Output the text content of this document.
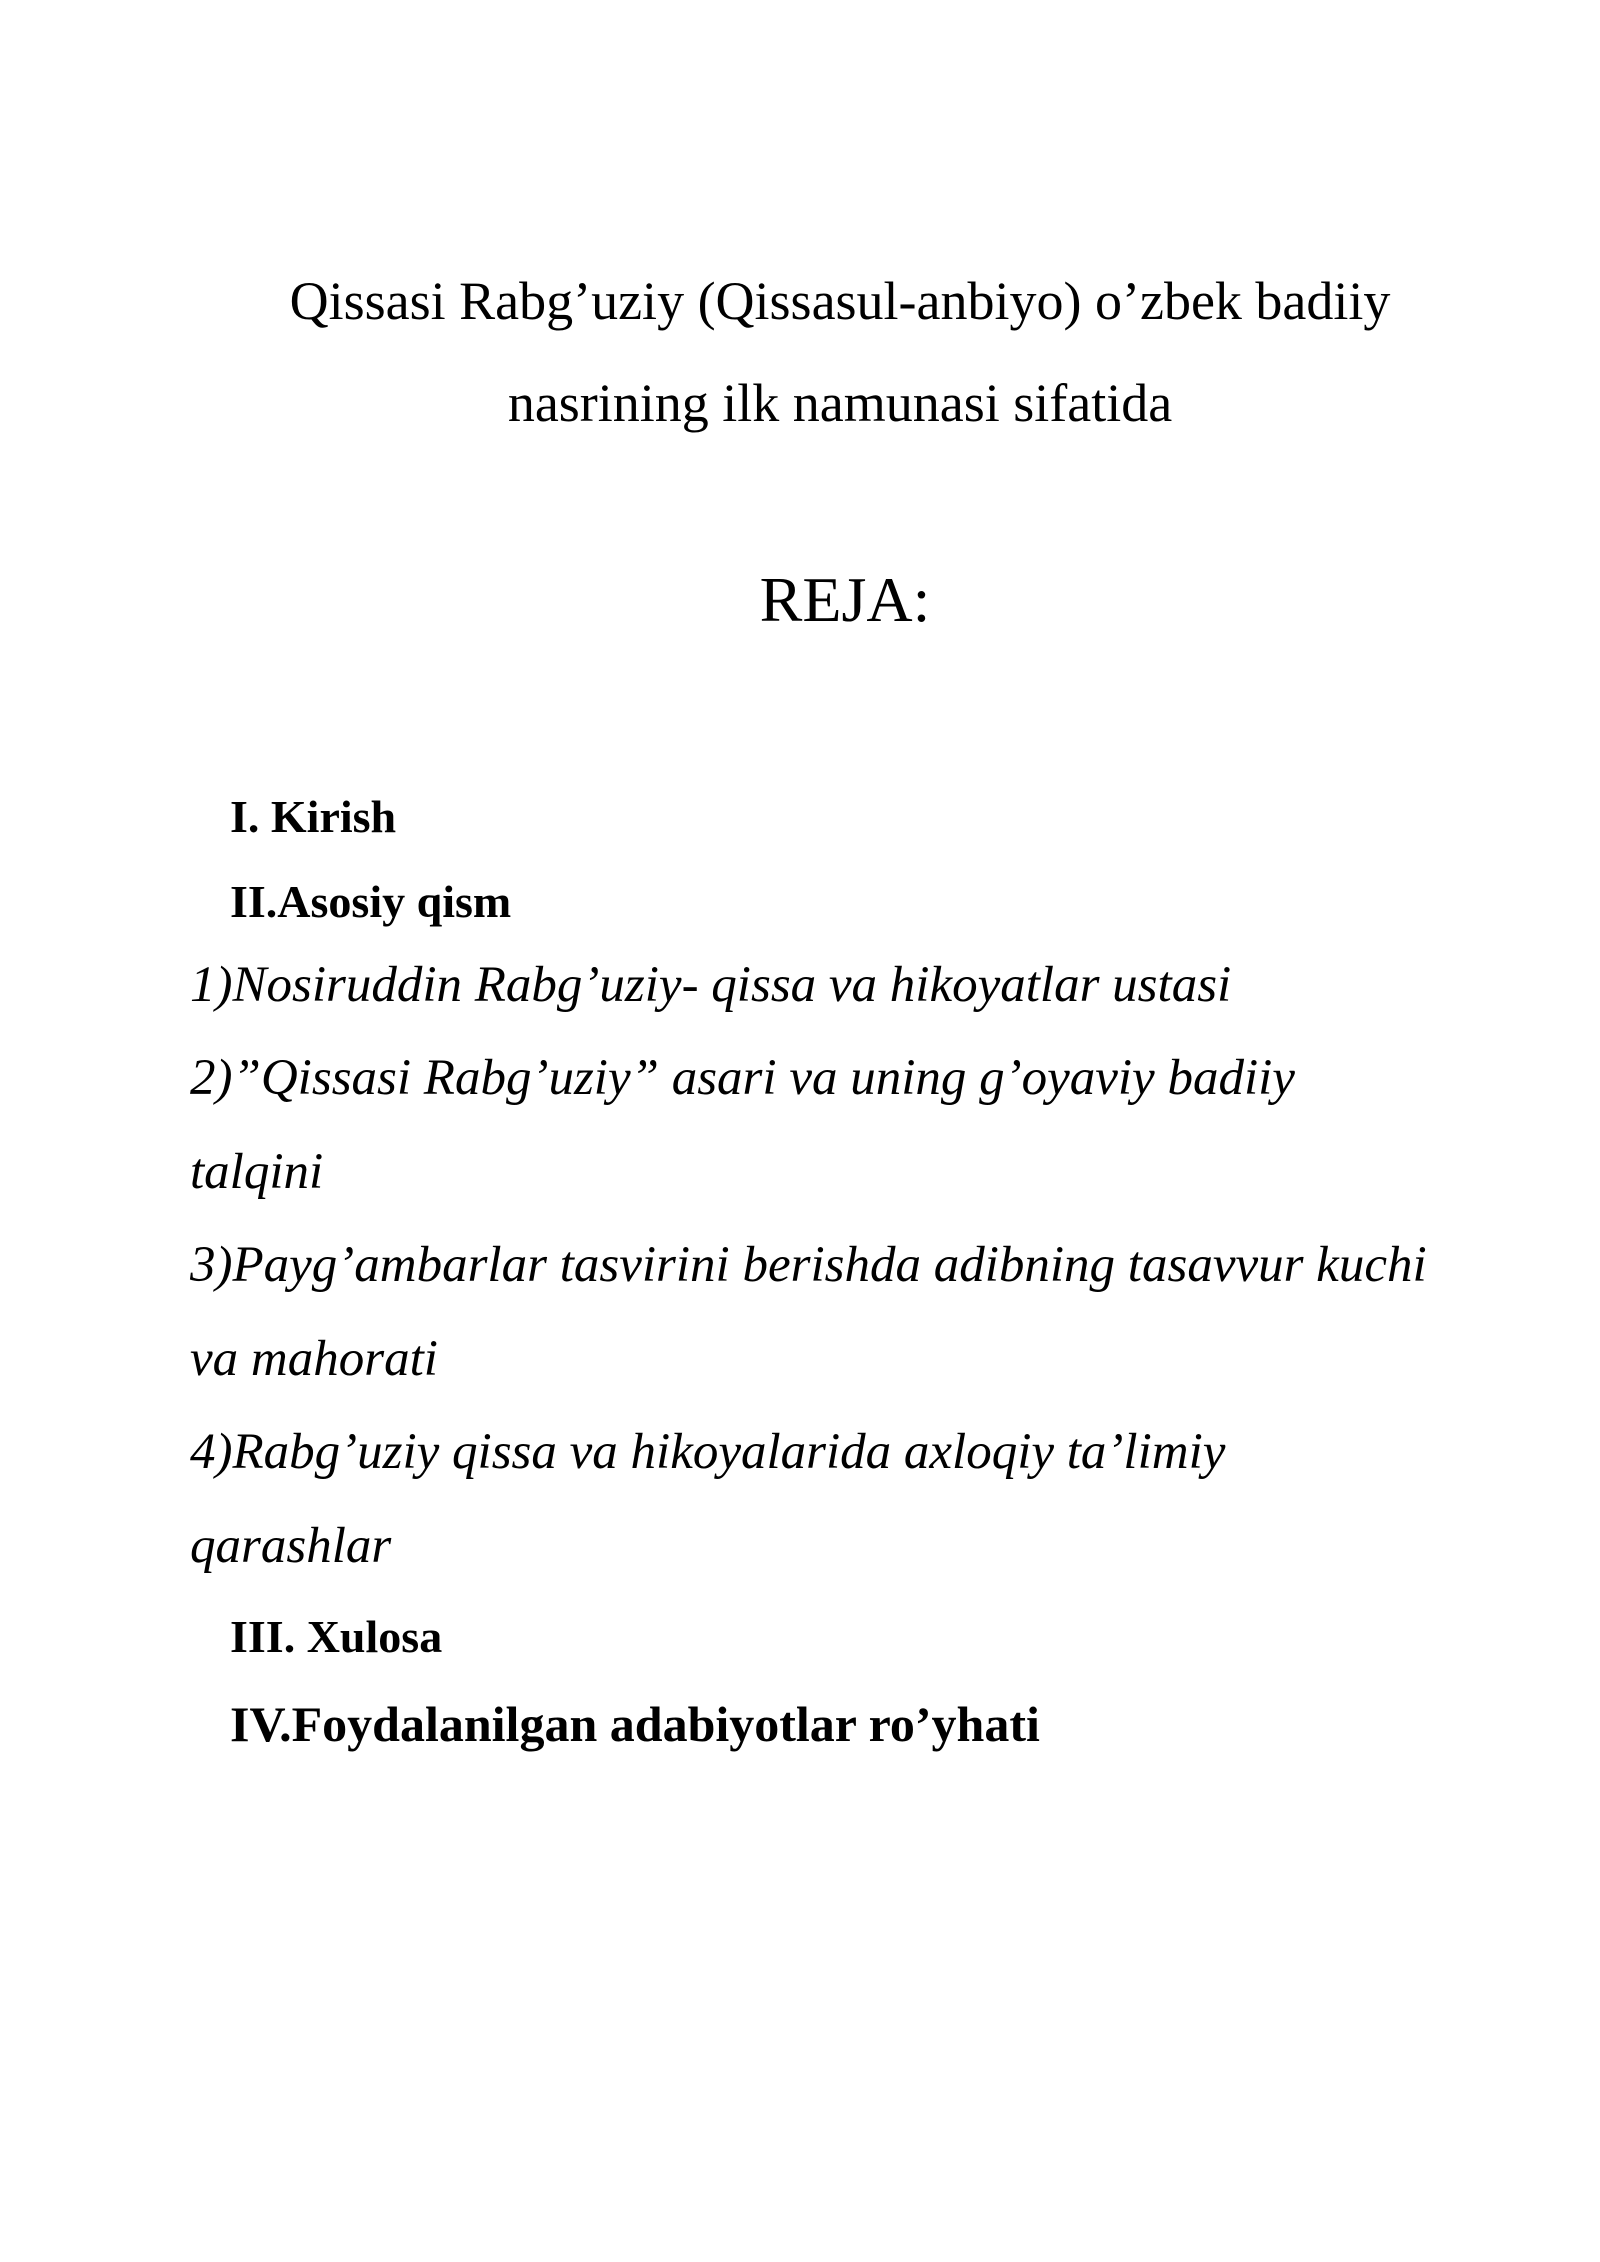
Qissasi Rabg’uziy (Qissasul-anbiyo) o’zbek badiiy
nasrining ilk namunasi sifatida
REJA:
I. Kirish
II.Asosiy qism
1)Nosiruddin Rabg’uziy- qissa va hikoyatlar ustasi
2)”Qissasi Rabg’uziy” asari va uning g’oyaviy badiiy talqini
3)Payg’ambarlar tasvirini berishda adibning tasavvur kuchi va mahorati
4)Rabg’uziy qissa va hikoyalarida axloqiy ta’limiy qarashlar
III. Xulosa
IV.Foydalanilgan adabiyotlar ro’yhati
